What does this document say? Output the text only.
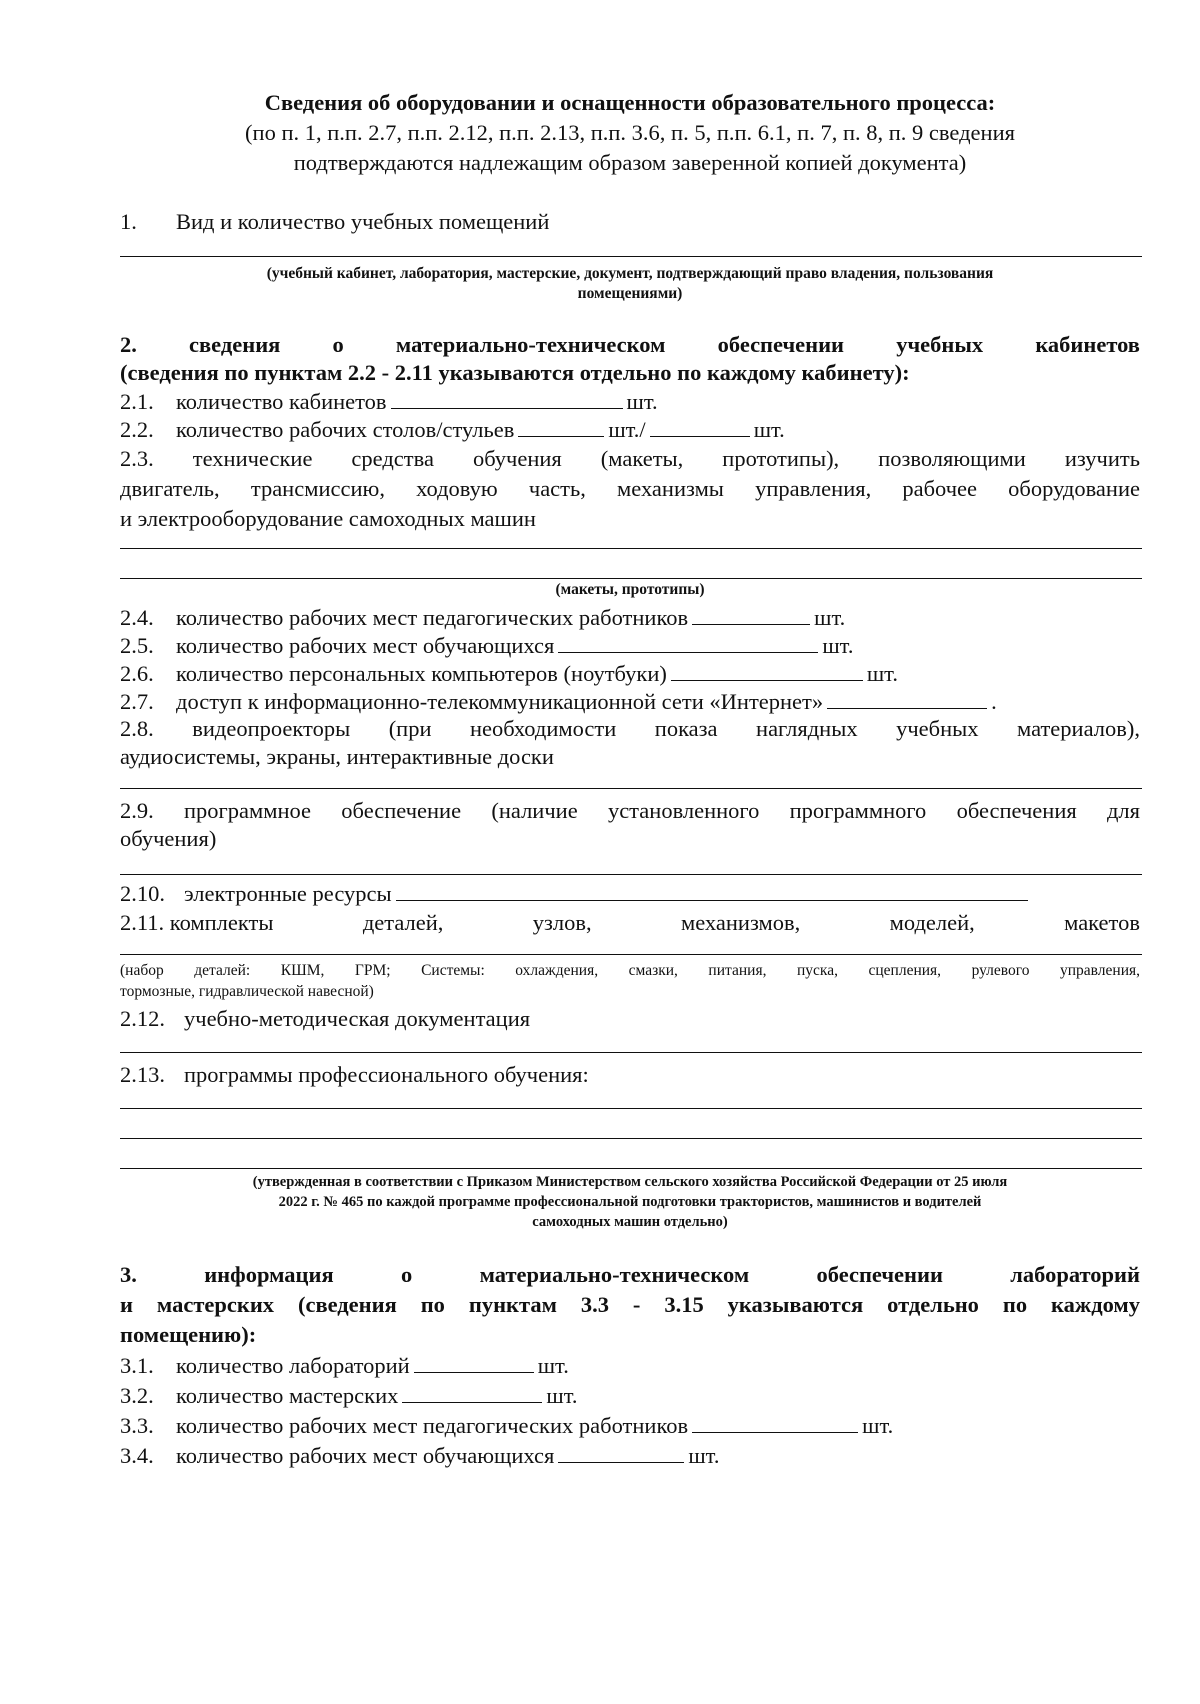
Сведения об оборудовании и оснащенности образовательного процесса:
(по п. 1, п.п. 2.7, п.п. 2.12, п.п. 2.13, п.п. 3.6, п. 5, п.п. 6.1, п. 7, п. 8, п. 9 сведения
подтверждаются надлежащим образом заверенной копией документа)
1. Вид и количество учебных помещений
(учебный кабинет, лаборатория, мастерские, документ, подтверждающий право владения, пользования
помещениями)
2. сведения о материально-техническом обеспечении учебных кабинетов
(сведения по пунктам 2.2 - 2.11 указываются отдельно по каждому кабинету):
2.1. количество кабинетов	шт.
2.2. количество рабочих столов/стульев	шт./	шт.
2.3. технические средства обучения (макеты, прототипы), позволяющими изучить
двигатель, трансмиссию, ходовую часть, механизмы управления, рабочее оборудование
и электрооборудование самоходных машин
(макеты, прототипы)
2.4. количество рабочих мест педагогических работников	шт.
2.5. количество рабочих мест обучающихся	шт.
2.6. количество персональных компьютеров (ноутбуки)	шт.
2.7. доступ к информационно-телекоммуникационной сети «Интернет»	.
2.8. видеопроекторы (при необходимости показа наглядных учебных материалов),
аудиосистемы, экраны, интерактивные доски
2.9. программное обеспечение (наличие установленного программного обеспечения для
обучения)
2.10. электронные ресурсы
2.11. комплекты	деталей,	узлов,	механизмов,	моделей,	макетов
(набор деталей: КШМ, ГРМ; Системы: охлаждения, смазки, питания, пуска, сцепления, рулевого управления,
тормозные, гидравлической навесной)
2.12. учебно-методическая документация
2.13. программы профессионального обучения:
(утвержденная в соответствии с Приказом Министерством сельского хозяйства Российской Федерации от 25 июля
2022 г. № 465 по каждой программе профессиональной подготовки трактористов, машинистов и водителей
самоходных машин отдельно)
3.	информация	о	материально-техническом	обеспечении	лабораторий
и мастерских (сведения по пунктам 3.3 - 3.15 указываются отдельно по каждому
помещению):
3.1. количество лабораторий	шт.
3.2. количество мастерских	шт.
3.3. количество рабочих мест педагогических работников	шт.
3.4. количество рабочих мест обучающихся	шт.
